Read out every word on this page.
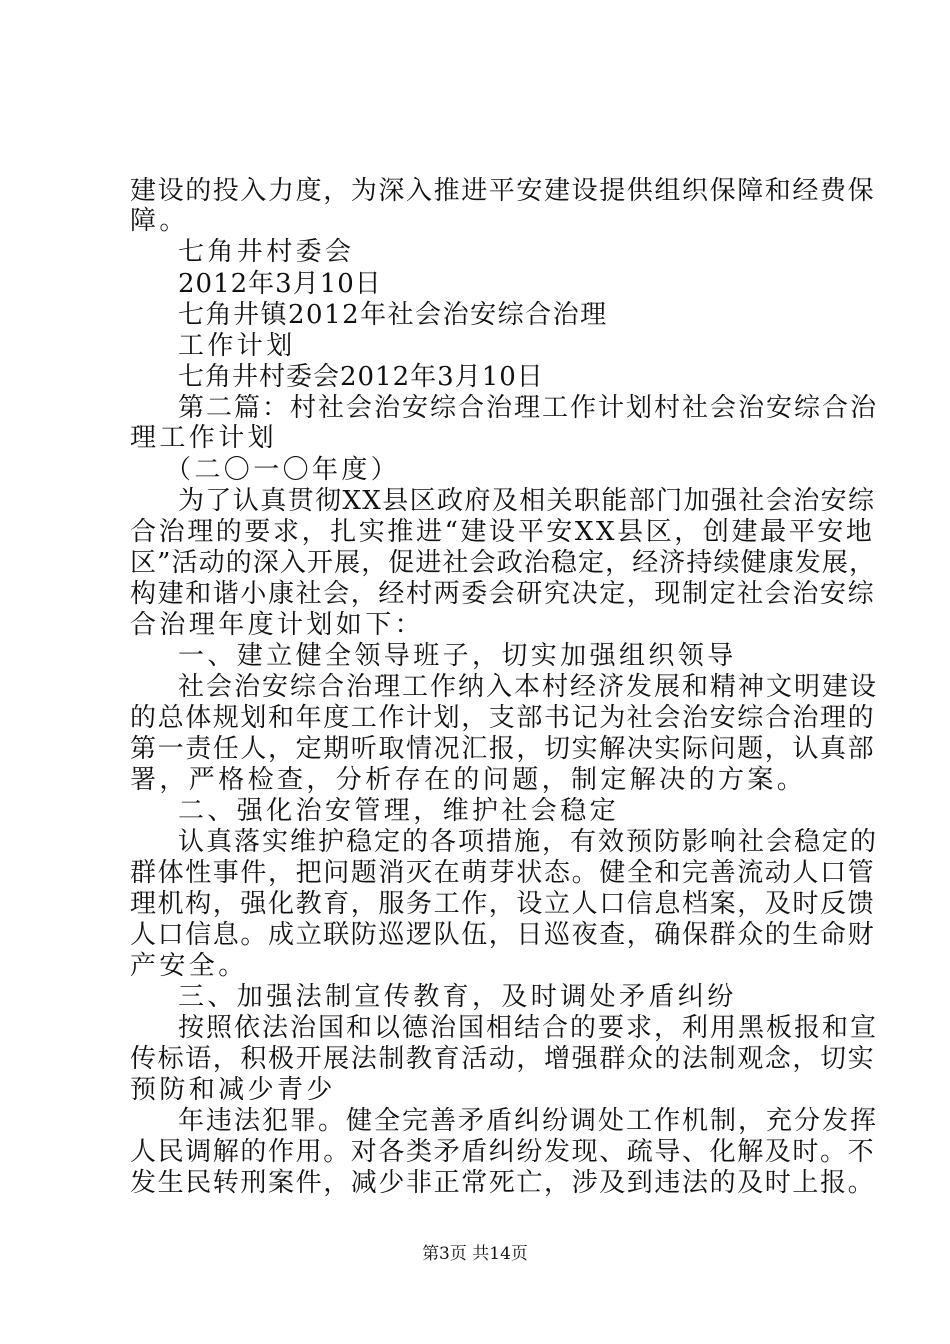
建设的投入力度，为深入推进平安建设提供组织保障和经费保
障。
七角井村委会
2012年3月10日
七角井镇2012年社会治安综合治理
工作计划
七角井村委会2012年3月10日
第二篇：村社会治安综合治理工作计划村社会治安综合治
理工作计划
（二〇一〇年度）
为了认真贯彻XX县区政府及相关职能部门加强社会治安综
合治理的要求，扎实推进“建设平安XX县区，创建最平安地
区”活动的深入开展，促进社会政治稳定，经济持续健康发展，
构建和谐小康社会，经村两委会研究决定，现制定社会治安综
合治理年度计划如下：
一、建立健全领导班子，切实加强组织领导
社会治安综合治理工作纳入本村经济发展和精神文明建设
的总体规划和年度工作计划，支部书记为社会治安综合治理的
第一责任人，定期听取情况汇报，切实解决实际问题，认真部
署，严格检查，分析存在的问题，制定解决的方案。
二、强化治安管理，维护社会稳定
认真落实维护稳定的各项措施，有效预防影响社会稳定的
群体性事件，把问题消灭在萌芽状态。健全和完善流动人口管
理机构，强化教育，服务工作，设立人口信息档案，及时反馈
人口信息。成立联防巡逻队伍，日巡夜查，确保群众的生命财
产安全。
三、加强法制宣传教育，及时调处矛盾纠纷
按照依法治国和以德治国相结合的要求，利用黑板报和宣
传标语，积极开展法制教育活动，增强群众的法制观念，切实
预防和减少青少
年违法犯罪。健全完善矛盾纠纷调处工作机制，充分发挥
人民调解的作用。对各类矛盾纠纷发现、疏导、化解及时。不
发生民转刑案件，减少非正常死亡，涉及到违法的及时上报。
第3页 共14页
